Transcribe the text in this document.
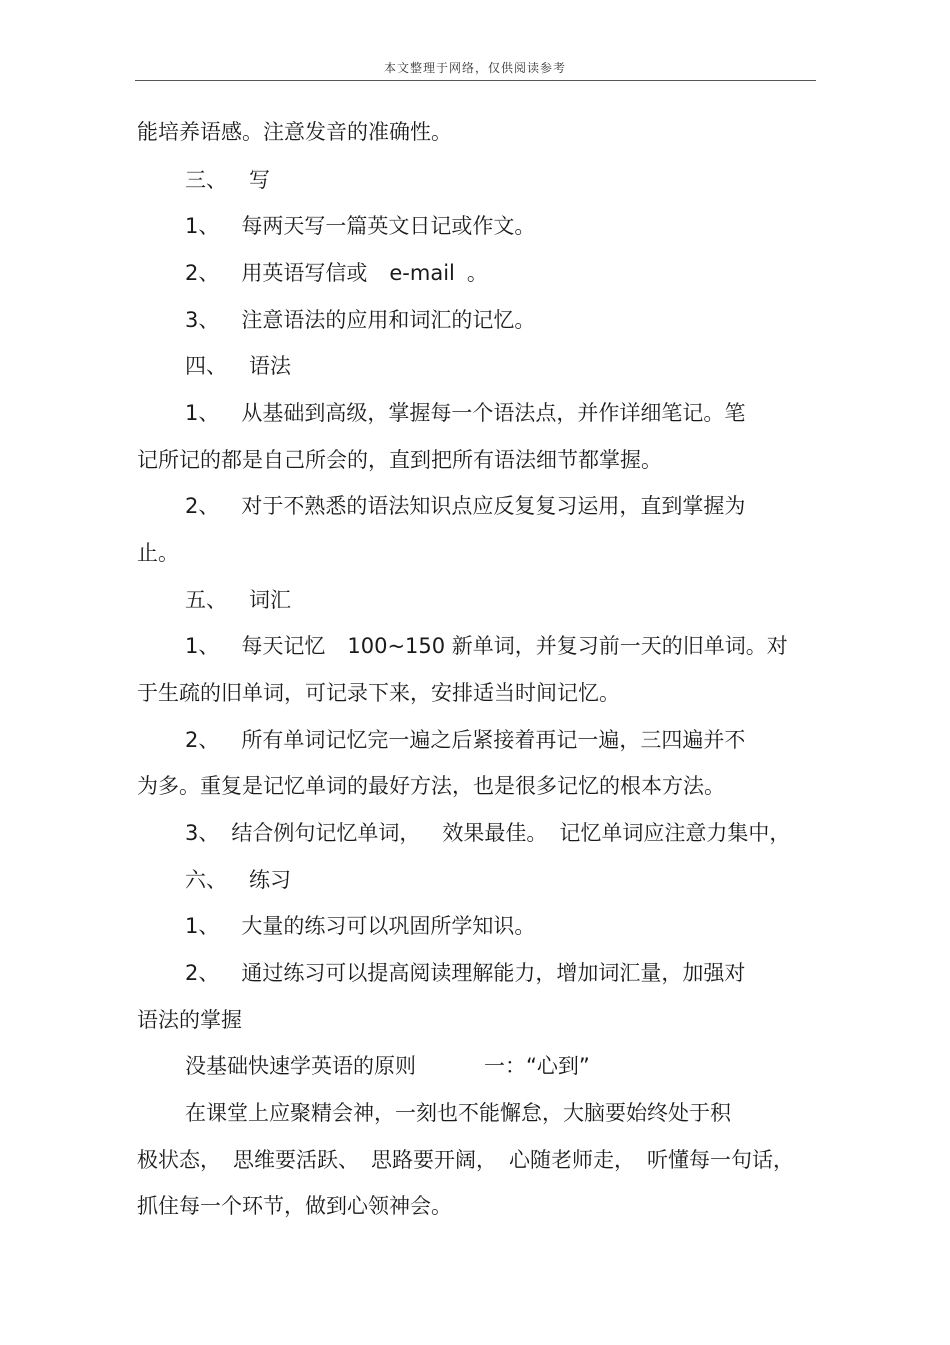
本文整理于网络，仅供阅读参考
能培养语感。注意发音的准确性。
三、 写
1、 每两天写一篇英文日记或作文。
2、 用英语写信或 e-mail 。
3、 注意语法的应用和词汇的记忆。
四、 语法
1、 从基础到高级，掌握每一个语法点，并作详细笔记。笔
记所记的都是自己所会的，直到把所有语法细节都掌握。
2、 对于不熟悉的语法知识点应反复复习运用，直到掌握为
止。
五、 词汇
1、 每天记忆 100~150 新单词，并复习前一天的旧单词。对
于生疏的旧单词，可记录下来，安排适当时间记忆。
2、 所有单词记忆完一遍之后紧接着再记一遍，三四遍并不
为多。重复是记忆单词的最好方法，也是很多记忆的根本方法。
3、 结合例句记忆单词， 效果最佳。 记忆单词应注意力集中，
六、 练习
1、 大量的练习可以巩固所学知识。
2、 通过练习可以提高阅读理解能力，增加词汇量，加强对
语法的掌握
没基础快速学英语的原则	一：“心到”
在课堂上应聚精会神，一刻也不能懈怠，大脑要始终处于积
极状态， 思维要活跃、 思路要开阔， 心随老师走， 听懂每一句话，
抓住每一个环节，做到心领神会。
